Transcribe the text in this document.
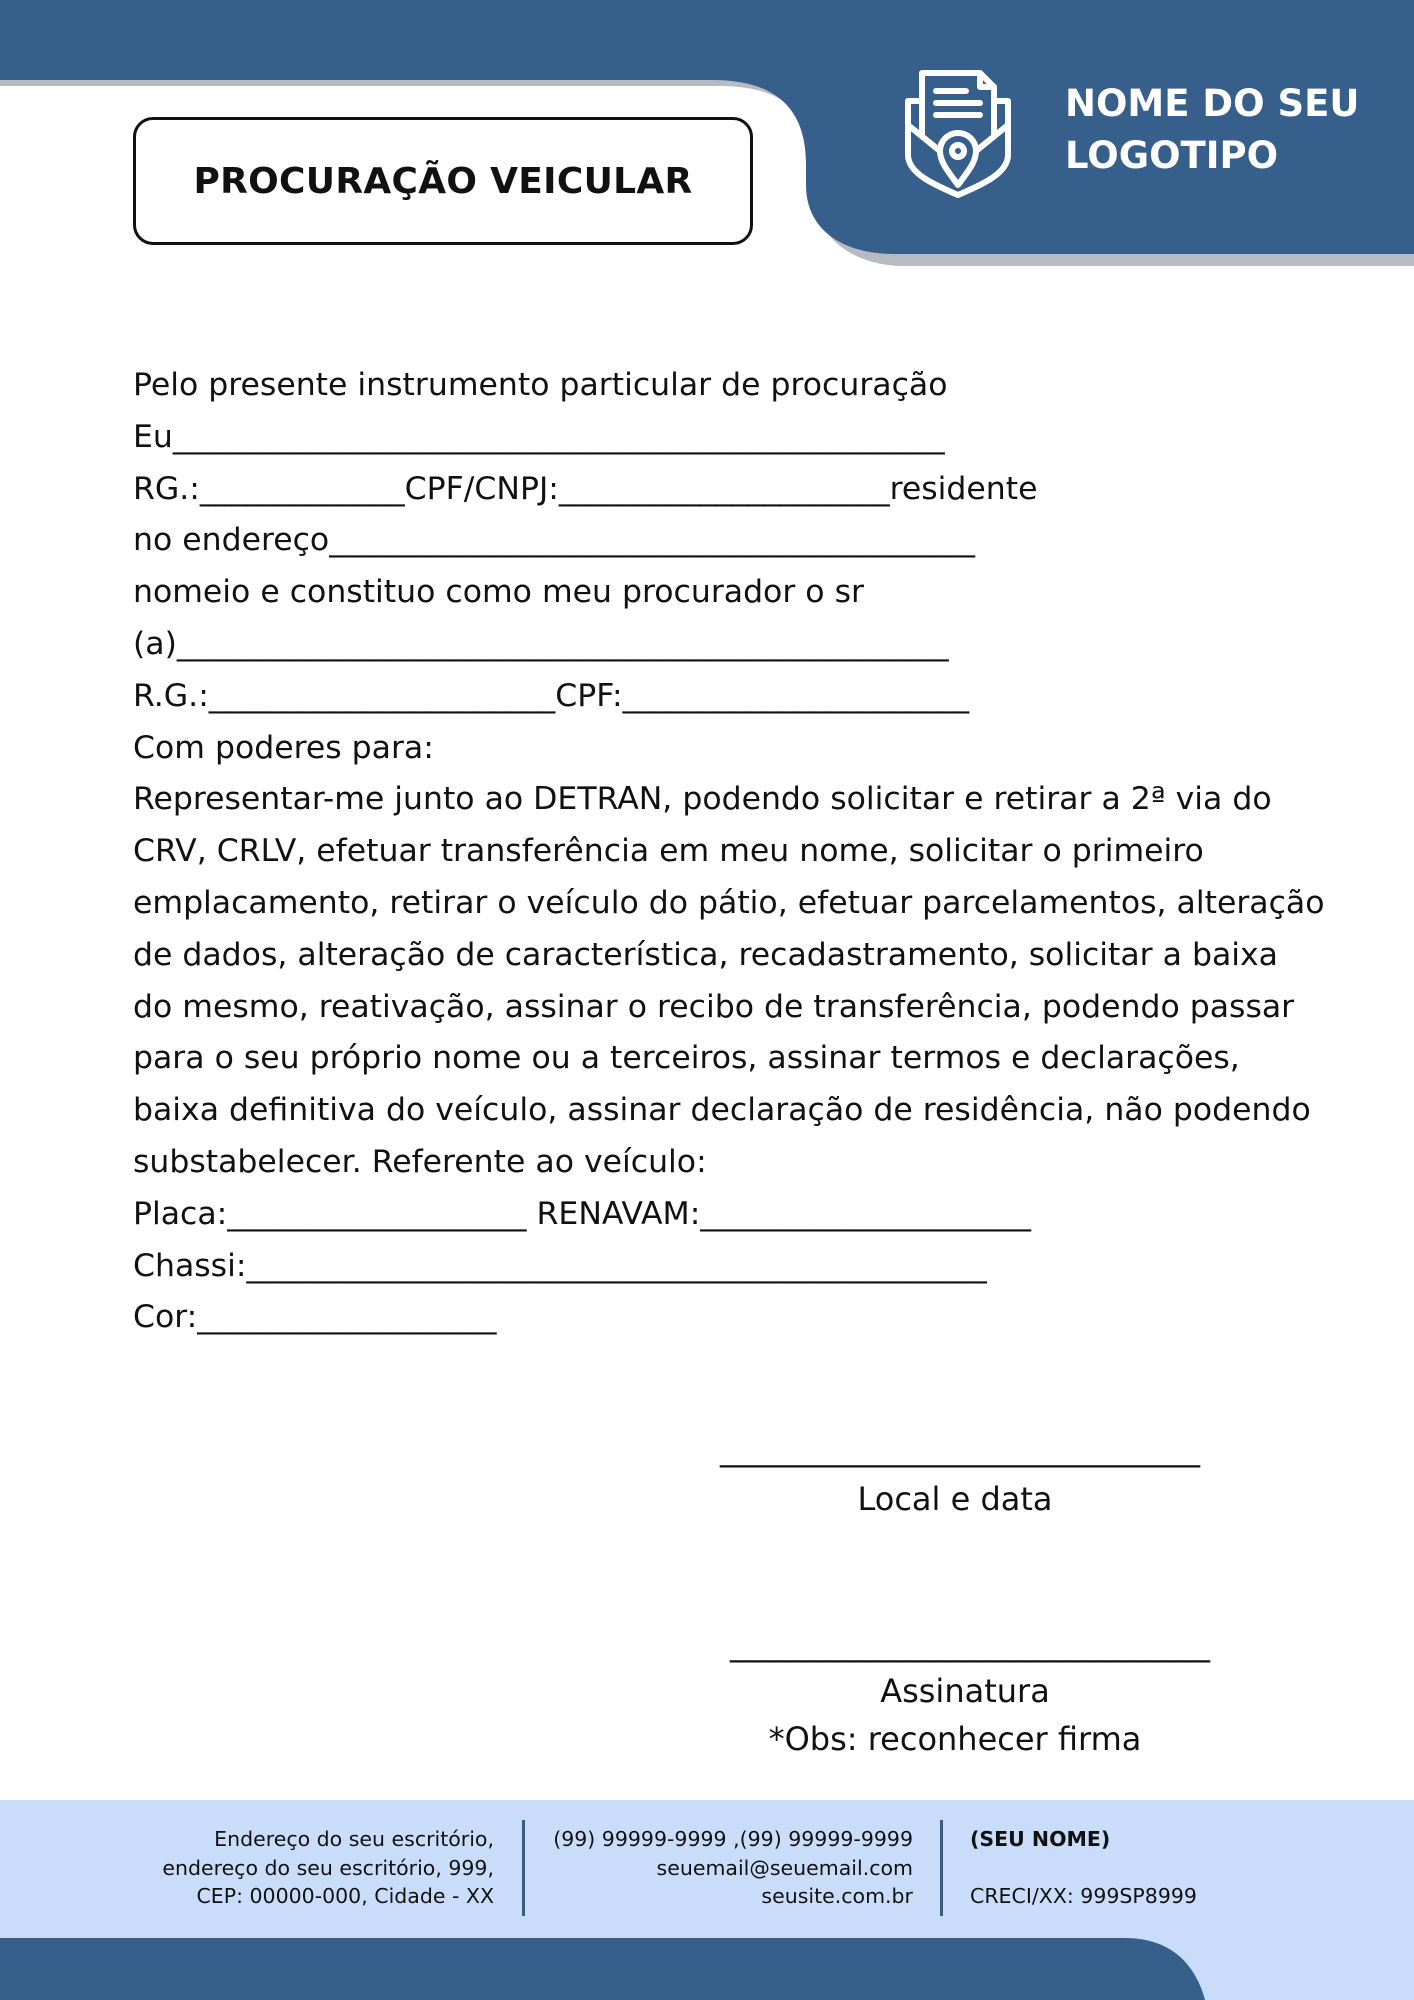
NOME DO SEU
LOGOTIPO
PROCURAÇÃO VEICULAR
Pelo presente instrumento particular de procuração
Eu_________________________________________________
RG.:_____________CPF/CNPJ:_____________________residente
no endereço_________________________________________
nomeio e constituo como meu procurador o sr
(a)_________________________________________________
R.G.:______________________CPF:______________________
Com poderes para:
Representar-me junto ao DETRAN, podendo solicitar e retirar a 2ª via do
CRV, CRLV, efetuar transferência em meu nome, solicitar o primeiro
emplacamento, retirar o veículo do pátio, efetuar parcelamentos, alteração
de dados, alteração de característica, recadastramento, solicitar a baixa
do mesmo, reativação, assinar o recibo de transferência, podendo passar
para o seu próprio nome ou a terceiros, assinar termos e declarações,
baixa definitiva do veículo, assinar declaração de residência, não podendo
substabelecer. Referente ao veículo:
Placa:___________________ RENAVAM:_____________________
Chassi:_______________________________________________
Cor:___________________
______________________________
Local e data
______________________________
Assinatura
*Obs: reconhecer firma
Endereço do seu escritório,
endereço do seu escritório, 999,
CEP: 00000-000, Cidade - XX
(99) 99999-9999 ,(99) 99999-9999
seuemail@seuemail.com
seusite.com.br
(SEU NOME)
CRECI/XX: 999SP8999
